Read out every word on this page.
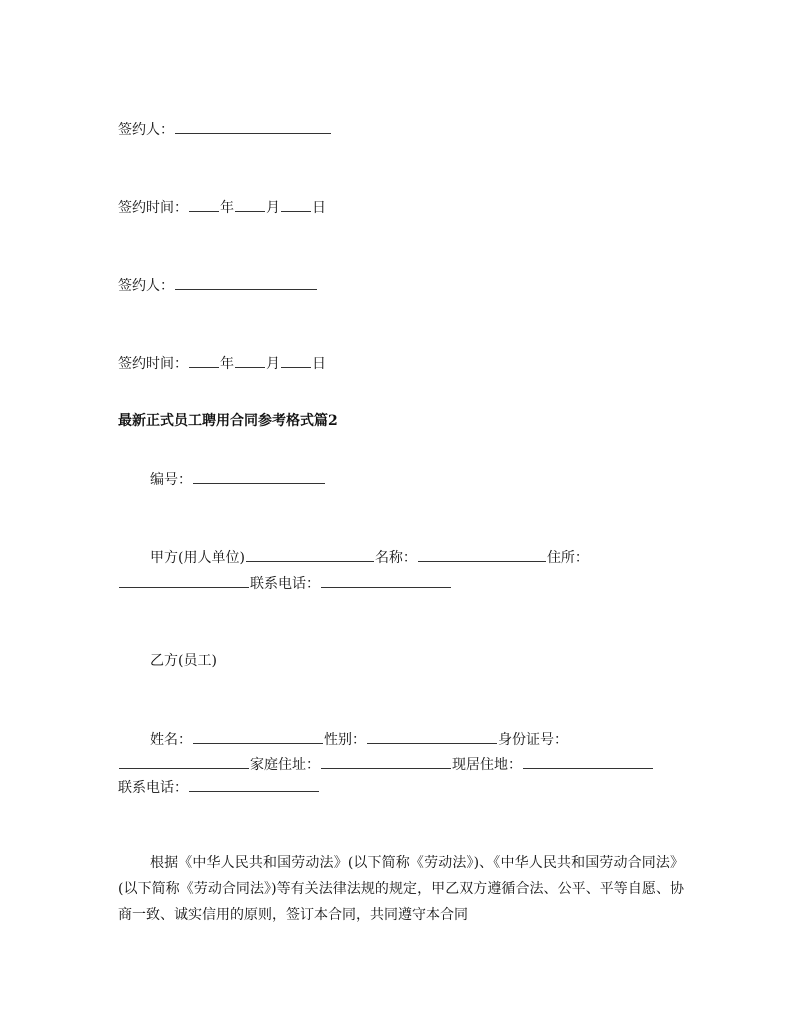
签约人：
签约时间： 年 月 日
签约人：
签约时间： 年 月 日
最新正式员工聘用合同参考格式篇2
编号：
甲方(用人单位)	名称：	住所：
联系电话：
乙方(员工)
姓名：	性别：	身份证号：
家庭住址：	现居住地：
联系电话：

根据《中华人民共和国劳动法》(以下简称《劳动法》)、《中华人民共和国劳动合同法》(以下简称《劳动合同法》)等有关法律法规的规定，甲乙双方遵循合法、公平、平等自愿、协商一致、诚实信用的原则，签订本合同，共同遵守本合同
